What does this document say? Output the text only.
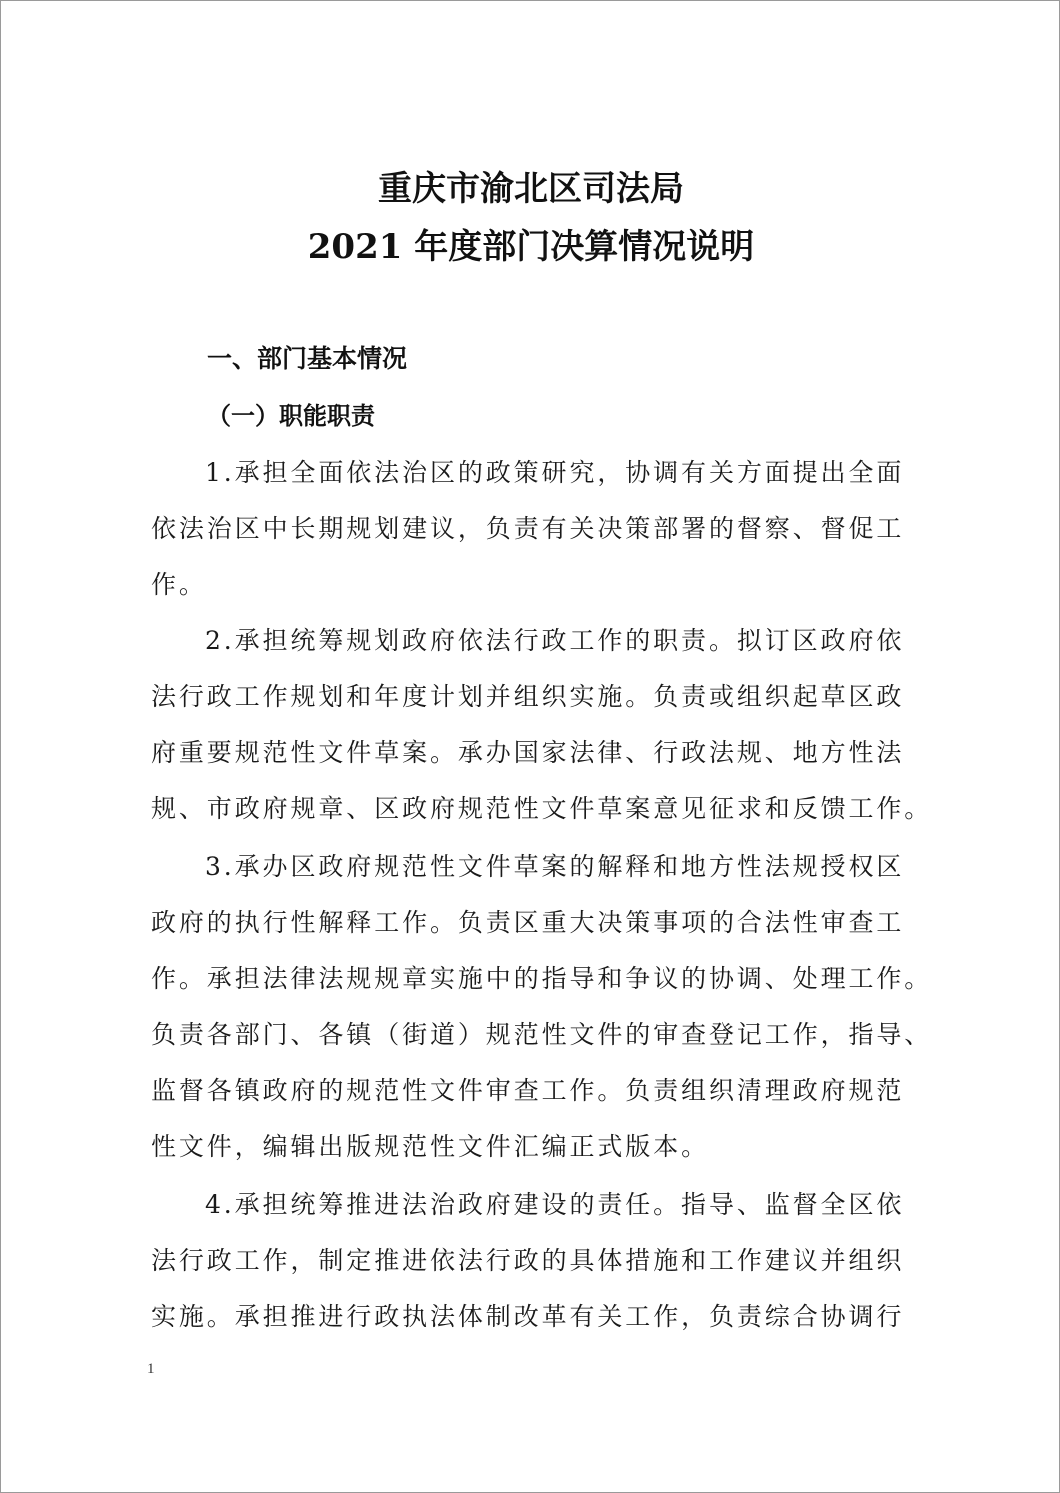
重庆市渝北区司法局
2021 年度部门决算情况说明
一、部门基本情况
（一）职能职责
1.承担全面依法治区的政策研究，协调有关方面提出全面
依法治区中长期规划建议，负责有关决策部署的督察、督促工
作。
2.承担统筹规划政府依法行政工作的职责。拟订区政府依
法行政工作规划和年度计划并组织实施。负责或组织起草区政
府重要规范性文件草案。承办国家法律、行政法规、地方性法
规、市政府规章、区政府规范性文件草案意见征求和反馈工作。
3.承办区政府规范性文件草案的解释和地方性法规授权区
政府的执行性解释工作。负责区重大决策事项的合法性审查工
作。承担法律法规规章实施中的指导和争议的协调、处理工作。
负责各部门、各镇（街道）规范性文件的审查登记工作，指导、
监督各镇政府的规范性文件审查工作。负责组织清理政府规范
性文件，编辑出版规范性文件汇编正式版本。
4.承担统筹推进法治政府建设的责任。指导、监督全区依
法行政工作，制定推进依法行政的具体措施和工作建议并组织
实施。承担推进行政执法体制改革有关工作，负责综合协调行
1
